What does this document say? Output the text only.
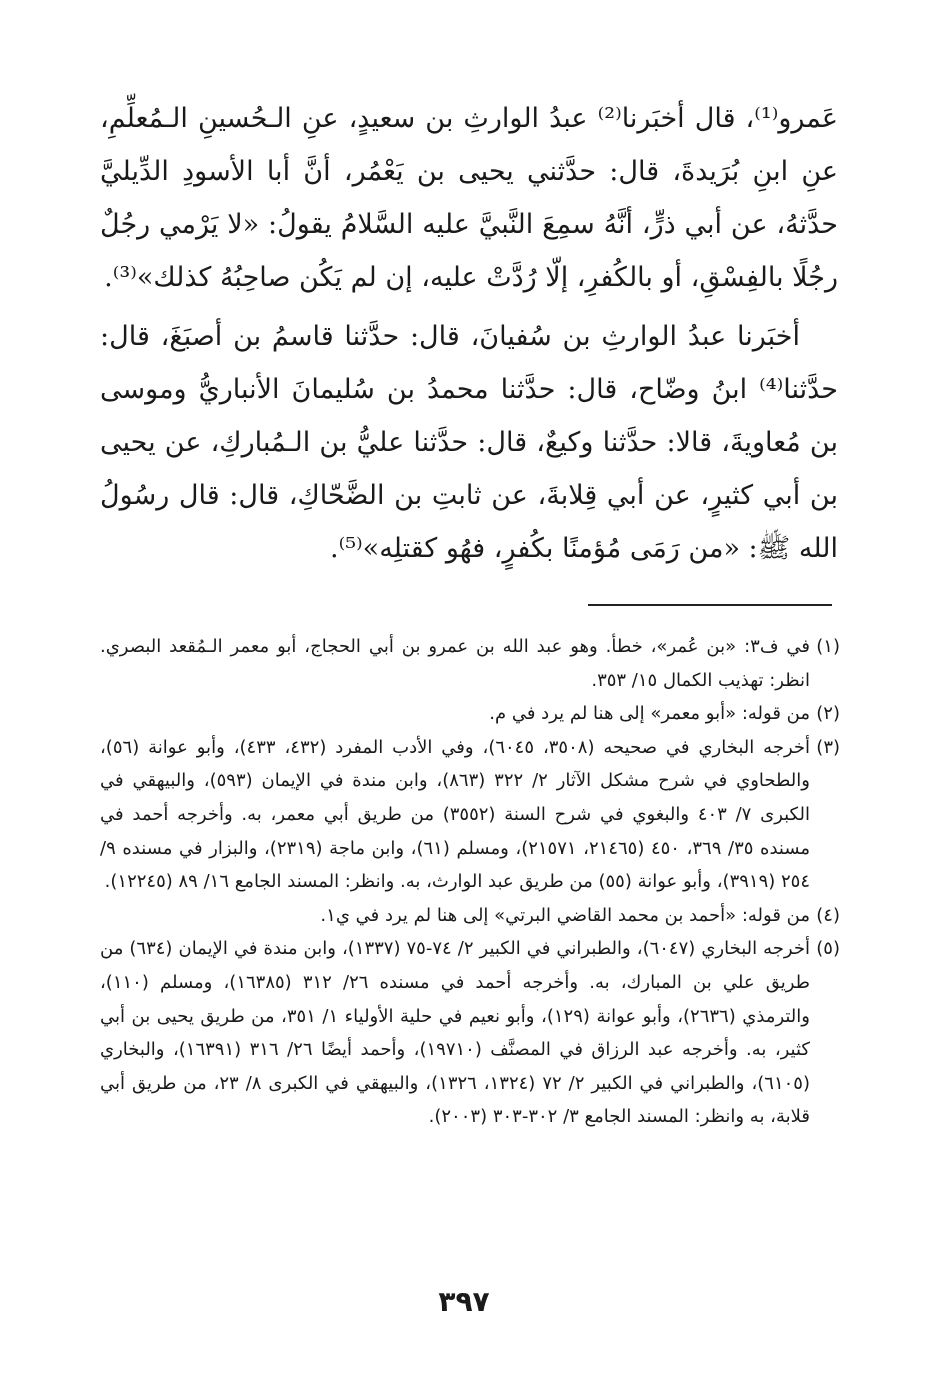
عَمرو⁽¹⁾، قال أخبَرنا⁽²⁾ عبدُ الوارثِ بن سعيدٍ، عنِ الـحُسينِ الـمُعلِّمِ، عنِ ابنِ بُرَيدةَ، قال: حدَّثني يحيى بن يَعْمُر، أنَّ أبا الأسودِ الدِّيليَّ حدَّثهُ، عن أبي ذرٍّ، أنَّهُ سمِعَ النَّبيَّ عليه السَّلامُ يقولُ: «لا يَرْمي رجُلٌ رجُلًا بالفِسْقِ، أو بالكُفرِ، إلّا رُدَّتْ عليه، إن لم يَكُن صاحِبُهُ كذلك»⁽³⁾.

أخبَرنا عبدُ الوارثِ بن سُفيانَ، قال: حدَّثنا قاسمُ بن أصبَغَ، قال: حدَّثنا⁽⁴⁾ ابنُ وضّاح، قال: حدَّثنا محمدُ بن سُليمانَ الأنباريُّ وموسى بن مُعاويةَ، قالا: حدَّثنا وكيعٌ، قال: حدَّثنا عليُّ بن الـمُباركِ، عن يحيى بن أبي كثيرٍ، عن أبي قِلابةَ، عن ثابتِ بن الضَّحّاكِ، قال: قال رسُولُ الله ﷺ: «من رَمَى مُؤمنًا بكُفرٍ، فهُو كقتلِه»⁽⁵⁾.

(١)في ف٣: «بن عُمر»، خطأ. وهو عبد الله بن عمرو بن أبي الحجاج، أبو معمر الـمُقعد البصري. انظر: تهذيب الكمال ١٥/ ٣٥٣.

(٢)من قوله: «أبو معمر» إلى هنا لم يرد في م.

(٣)أخرجه البخاري في صحيحه (٣٥٠٨، ٦٠٤٥)، وفي الأدب المفرد (٤٣٢، ٤٣٣)، وأبو عوانة (٥٦)، والطحاوي في شرح مشكل الآثار ٢/ ٣٢٢ (٨٦٣)، وابن مندة في الإيمان (٥٩٣)، والبيهقي في الكبرى ٧/ ٤٠٣ والبغوي في شرح السنة (٣٥٥٢) من طريق أبي معمر، به. وأخرجه أحمد في مسنده ٣٥/ ٣٦٩، ٤٥٠ (٢١٤٦٥، ٢١٥٧١)، ومسلم (٦١)، وابن ماجة (٢٣١٩)، والبزار في مسنده ٩/ ٢٥٤ (٣٩١٩)، وأبو عوانة (٥٥) من طريق عبد الوارث، به. وانظر: المسند الجامع ١٦/ ٨٩ (١٢٢٤٥).

(٤)من قوله: «أحمد بن محمد القاضي البرتي» إلى هنا لم يرد في ي١.

(٥)أخرجه البخاري (٦٠٤٧)، والطبراني في الكبير ٢/ ٧٤-٧٥ (١٣٣٧)، وابن مندة في الإيمان (٦٣٤) من طريق علي بن المبارك، به. وأخرجه أحمد في مسنده ٢٦/ ٣١٢ (١٦٣٨٥)، ومسلم (١١٠)، والترمذي (٢٦٣٦)، وأبو عوانة (١٢٩)، وأبو نعيم في حلية الأولياء ١/ ٣٥١، من طريق يحيى بن أبي كثير، به. وأخرجه عبد الرزاق في المصنَّف (١٩٧١٠)، وأحمد أيضًا ٢٦/ ٣١٦ (١٦٣٩١)، والبخاري (٦١٠٥)، والطبراني في الكبير ٢/ ٧٢ (١٣٢٤، ١٣٢٦)، والبيهقي في الكبرى ٨/ ٢٣، من طريق أبي قلابة، به وانظر: المسند الجامع ٣/ ٣٠٢-٣٠٣ (٢٠٠٣).

٣٩٧
